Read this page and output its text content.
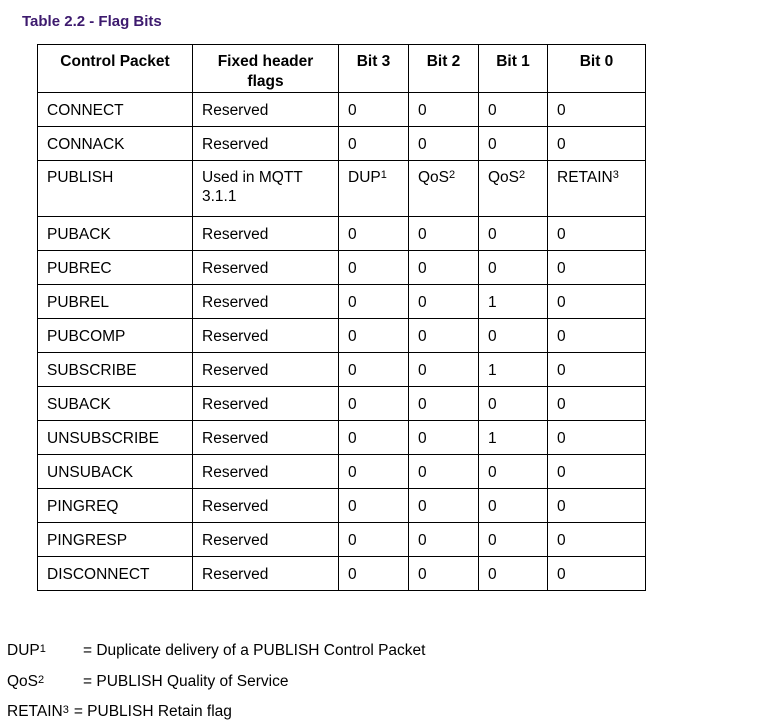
Table 2.2 - Flag Bits
Control Packet	Fixed header flags	Bit 3	Bit 2	Bit 1	Bit 0
CONNECT	Reserved	0	0	0	0
CONNACK	Reserved	0	0	0	0
PUBLISH	Used in MQTT 3.1.1	DUP$^1$	QoS$^2$	QoS$^2$	RETAIN$^3$
PUBACK	Reserved	0	0	0	0
PUBREC	Reserved	0	0	0	0
PUBREL	Reserved	0	0	1	0
PUBCOMP	Reserved	0	0	0	0
SUBSCRIBE	Reserved	0	0	1	0
SUBACK	Reserved	0	0	0	0
UNSUBSCRIBE	Reserved	0	0	1	0
UNSUBACK	Reserved	0	0	0	0
PINGREQ	Reserved	0	0	0	0
PINGRESP	Reserved	0	0	0	0
DISCONNECT	Reserved	0	0	0	0
$DUP^1$	= Duplicate delivery of a PUBLISH Control Packet
QoS$^2$	= PUBLISH Quality of Service
$RETAIN^3$ = PUBLISH Retain flag
